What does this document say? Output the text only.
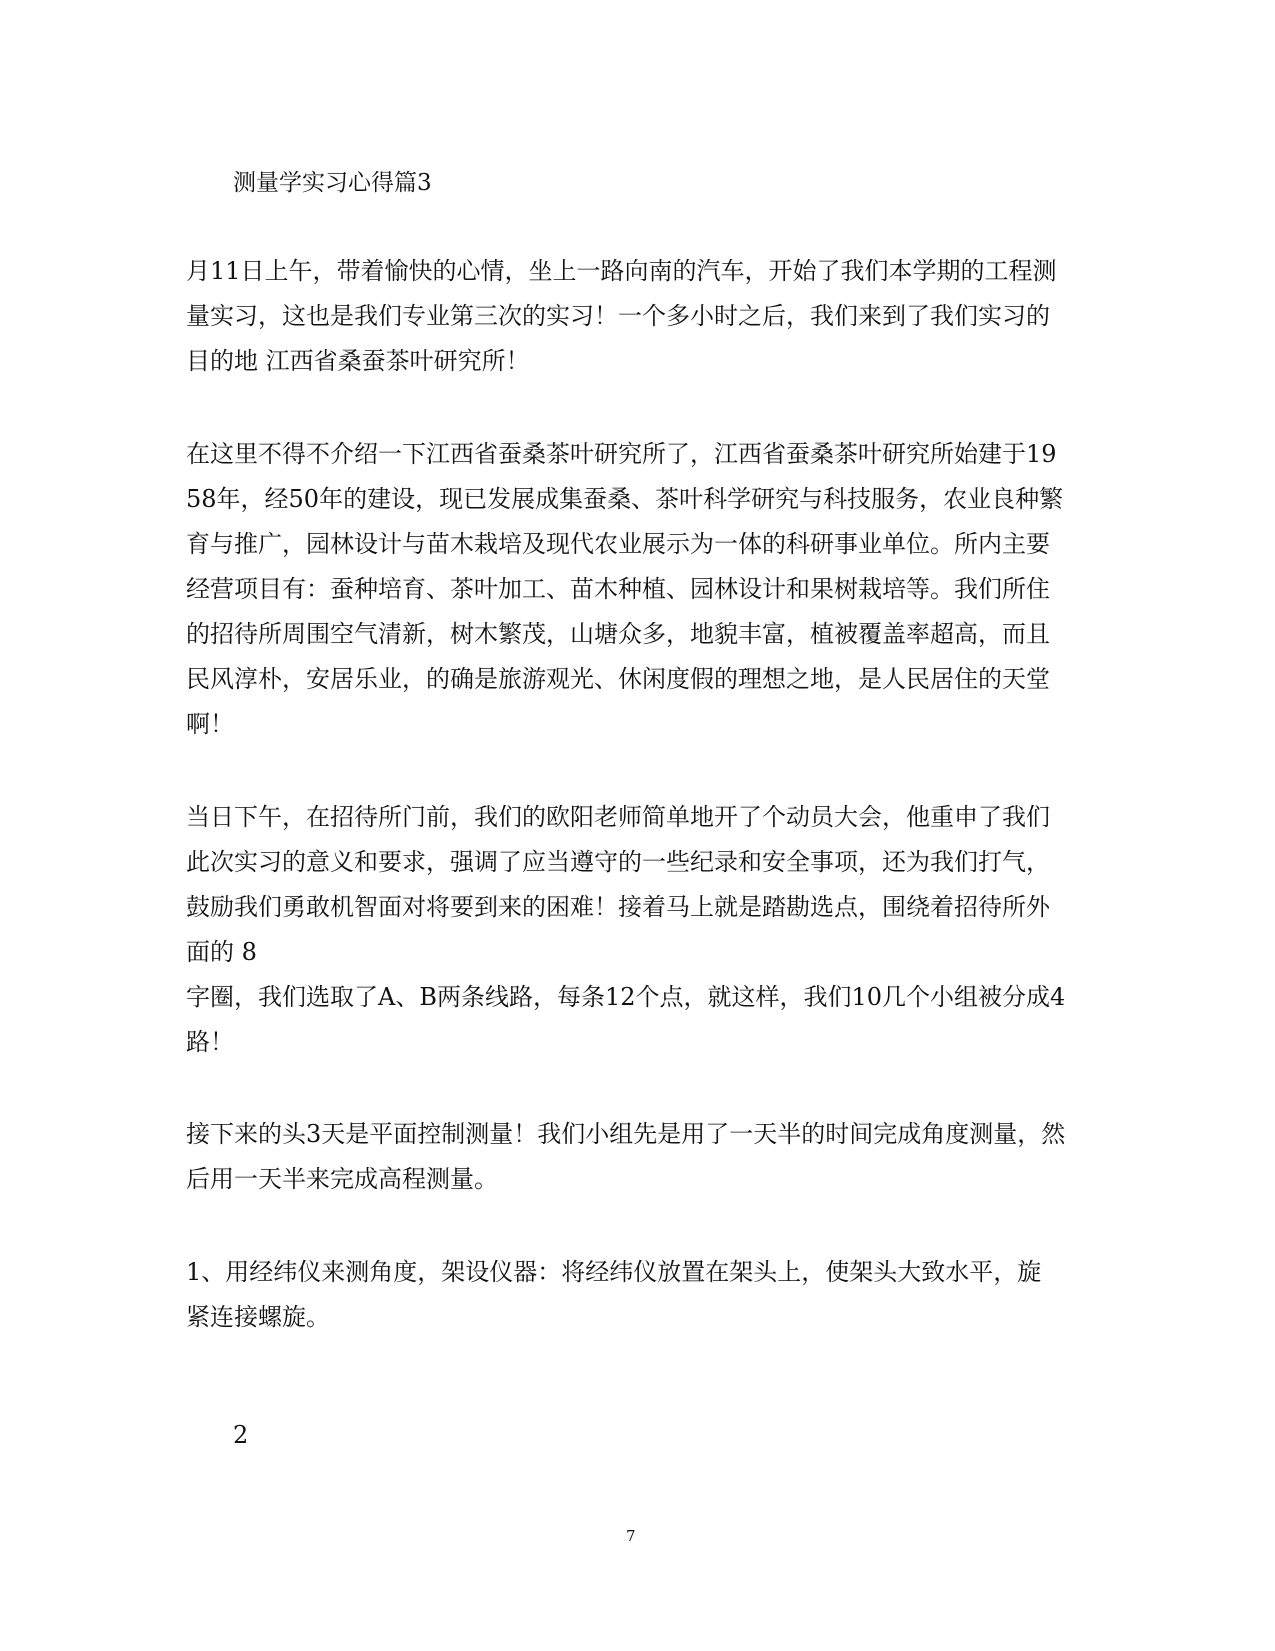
测量学实习心得篇3
月11日上午，带着愉快的心情，坐上一路向南的汽车，开始了我们本学期的工程测
量实习，这也是我们专业第三次的实习！一个多小时之后，我们来到了我们实习的
目的地 江西省桑蚕茶叶研究所！
在这里不得不介绍一下江西省蚕桑茶叶研究所了，江西省蚕桑茶叶研究所始建于19
58年，经50年的建设，现已发展成集蚕桑、茶叶科学研究与科技服务，农业良种繁
育与推广，园林设计与苗木栽培及现代农业展示为一体的科研事业单位。所内主要
经营项目有：蚕种培育、茶叶加工、苗木种植、园林设计和果树栽培等。我们所住
的招待所周围空气清新，树木繁茂，山塘众多，地貌丰富，植被覆盖率超高，而且
民风淳朴，安居乐业，的确是旅游观光、休闲度假的理想之地，是人民居住的天堂
啊！
当日下午，在招待所门前，我们的欧阳老师简单地开了个动员大会，他重申了我们
此次实习的意义和要求，强调了应当遵守的一些纪录和安全事项，还为我们打气，
鼓励我们勇敢机智面对将要到来的困难！接着马上就是踏勘选点，围绕着招待所外
面的 8
字圈，我们选取了A、B两条线路，每条12个点，就这样，我们10几个小组被分成4
路！
接下来的头3天是平面控制测量！我们小组先是用了一天半的时间完成角度测量，然
后用一天半来完成高程测量。
1、用经纬仪来测角度，架设仪器：将经纬仪放置在架头上，使架头大致水平，旋
紧连接螺旋。
2
7
